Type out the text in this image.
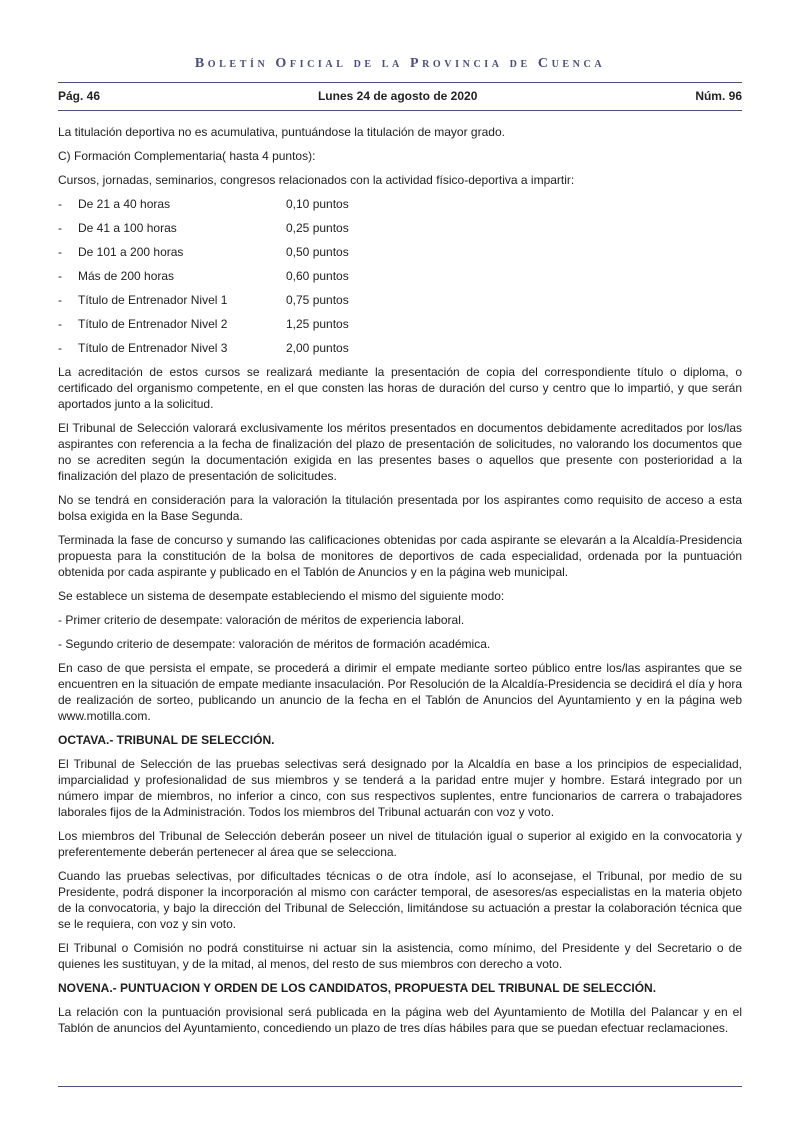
Boletín Oficial de la Provincia de Cuenca
Pág. 46	Lunes 24 de agosto de 2020	Núm. 96

La titulación deportiva no es acumulativa, puntuándose la titulación de mayor grado.

C) Formación Complementaria( hasta 4 puntos):

Cursos, jornadas, seminarios, congresos relacionados con la actividad físico-deportiva a impartir:

-	De 21 a 40 horas	0,10 puntos
-	De 41 a 100 horas	0,25 puntos
-	De 101 a 200 horas	0,50 puntos
-	Más de 200 horas	0,60 puntos
-	Título de Entrenador Nivel 1	0,75 puntos
-	Título de Entrenador Nivel 2	1,25 puntos
-	Título de Entrenador Nivel 3	2,00 puntos

La acreditación de estos cursos se realizará mediante la presentación de copia del correspondiente título o diploma, o certificado del organismo competente, en el que consten las horas de duración del curso y centro que lo impartió, y que serán aportados junto a la solicitud.

El Tribunal de Selección valorará exclusivamente los méritos presentados en documentos debidamente acreditados por los/las aspirantes con referencia a la fecha de finalización del plazo de presentación de solicitudes, no valorando los documentos que no se acrediten según la documentación exigida en las presentes bases o aquellos que presente con posterioridad a la finalización del plazo de presentación de solicitudes.

No se tendrá en consideración para la valoración la titulación presentada por los aspirantes como requisito de acceso a esta bolsa exigida en la Base Segunda.

Terminada la fase de concurso y sumando las calificaciones obtenidas por cada aspirante se elevarán a la Alcaldía-Presidencia propuesta para la constitución de la bolsa de monitores de deportivos de cada especialidad, ordenada por la puntuación obtenida por cada aspirante y publicado en el Tablón de Anuncios y en la página web municipal.

Se establece un sistema de desempate estableciendo el mismo del siguiente modo:

- Primer criterio de desempate: valoración de méritos de experiencia laboral.

- Segundo criterio de desempate: valoración de méritos de formación académica.

En caso de que persista el empate, se procederá a dirimir el empate mediante sorteo público entre los/las aspirantes que se encuentren en la situación de empate mediante insaculación. Por Resolución de la Alcaldía-Presidencia se decidirá el día y hora de realización de sorteo, publicando un anuncio de la fecha en el Tablón de Anuncios del Ayuntamiento y en la página web www.motilla.com.

OCTAVA.- TRIBUNAL DE SELECCIÓN.

El Tribunal de Selección de las pruebas selectivas será designado por la Alcaldía en base a los principios de especialidad, imparcialidad y profesionalidad de sus miembros y se tenderá a la paridad entre mujer y hombre. Estará integrado por un número impar de miembros, no inferior a cinco, con sus respectivos suplentes, entre funcionarios de carrera o trabajadores laborales fijos de la Administración. Todos los miembros del Tribunal actuarán con voz y voto.

Los miembros del Tribunal de Selección deberán poseer un nivel de titulación igual o superior al exigido en la convocatoria y preferentemente deberán pertenecer al área que se selecciona.

Cuando las pruebas selectivas, por dificultades técnicas o de otra índole, así lo aconsejase, el Tribunal, por medio de su Presidente, podrá disponer la incorporación al mismo con carácter temporal, de asesores/as especialistas en la materia objeto de la convocatoria, y bajo la dirección del Tribunal de Selección, limitándose su actuación a prestar la colaboración técnica que se le requiera, con voz y sin voto.

El Tribunal o Comisión no podrá constituirse ni actuar sin la asistencia, como mínimo, del Presidente y del Secretario o de quienes les sustituyan, y de la mitad, al menos, del resto de sus miembros con derecho a voto.

NOVENA.- PUNTUACION Y ORDEN DE LOS CANDIDATOS, PROPUESTA DEL TRIBUNAL DE SELECCIÓN.

La relación con la puntuación provisional será publicada en la página web del Ayuntamiento de Motilla del Palancar y en el Tablón de anuncios del Ayuntamiento, concediendo un plazo de tres días hábiles para que se puedan efectuar reclamaciones.
